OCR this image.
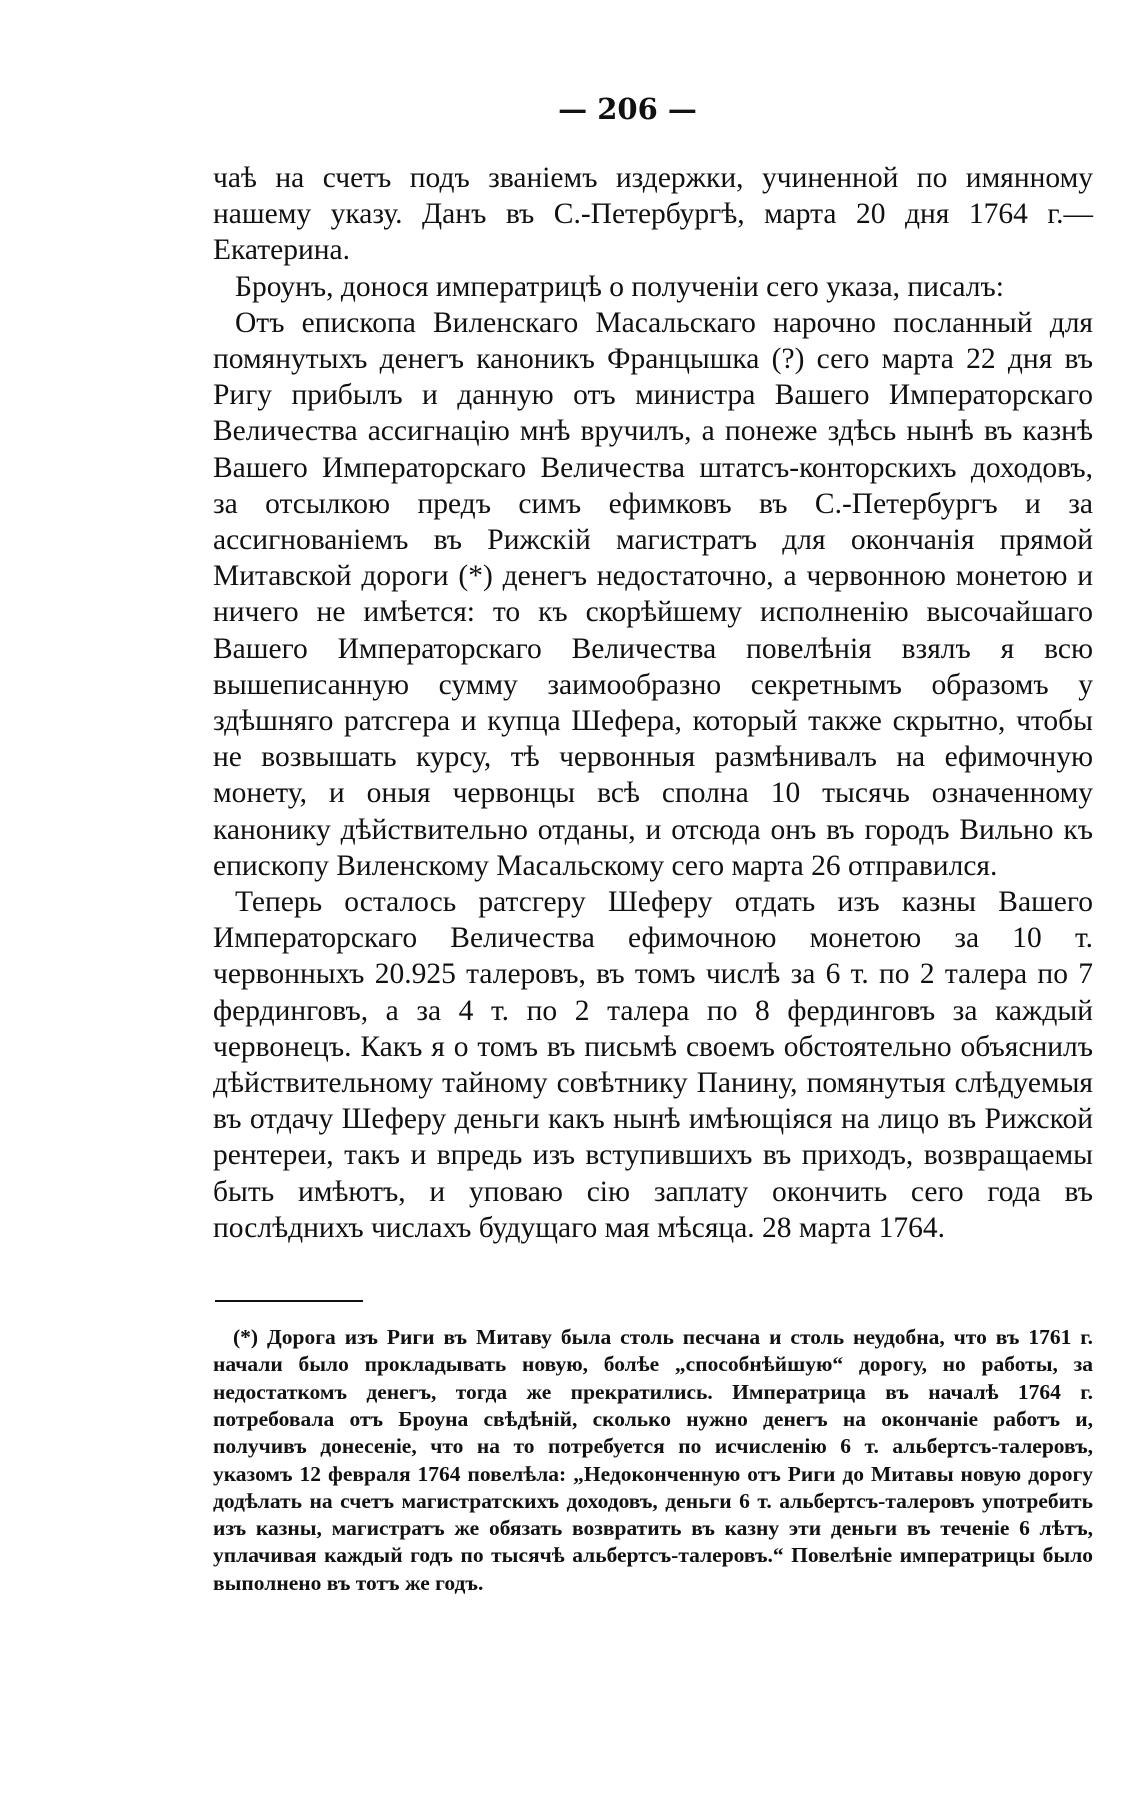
— 206 —

чаѣ на счетъ подъ званіемъ издержки, учиненной по имянному нашему указу. Данъ въ С.-Петербургѣ, марта 20 дня 1764 г.—Екатерина.

Броунъ, донося императрицѣ о полученіи сего указа, писалъ:

Отъ епископа Виленскаго Масальскаго нарочно посланный для помянутыхъ денегъ каноникъ Францышка (?) сего марта 22 дня въ Ригу прибылъ и данную отъ министра Вашего Императорскаго Величества ассигнацію мнѣ вручилъ, а понеже здѣсь нынѣ въ казнѣ Вашего Императорскаго Величества штатсъ-конторскихъ доходовъ, за отсылкою предъ симъ ефимковъ въ С.-Петербургъ и за ассигнованіемъ въ Рижскій магистратъ для окончанія прямой Митавской дороги (*) денегъ недостаточно, а червонною монетою и ничего не имѣется: то къ скорѣйшему исполненію высочайшаго Вашего Императорскаго Величества повелѣнія взялъ я всю вышеписанную сумму заимообразно секретнымъ образомъ у здѣшняго ратсгера и купца Шефера, который также скрытно, чтобы не возвышать курсу, тѣ червонныя размѣнивалъ на ефимочную монету, и оныя червонцы всѣ сполна 10 тысячь означенному канонику дѣйствительно отданы, и отсюда онъ въ городъ Вильно къ епископу Виленскому Масальскому сего марта 26 отправился.

Теперь осталось ратсгеру Шеферу отдать изъ казны Вашего Императорскаго Величества ефимочною монетою за 10 т. червонныхъ 20.925 талеровъ, въ томъ числѣ за 6 т. по 2 талера по 7 фердинговъ, а за 4 т. по 2 талера по 8 фердинговъ за каждый червонецъ. Какъ я о томъ въ письмѣ своемъ обстоятельно объяснилъ дѣйствительному тайному совѣтнику Панину, помянутыя слѣдуемыя въ отдачу Шеферу деньги какъ нынѣ имѣющіяся на лицо въ Рижской рентереи, такъ и впредь изъ вступившихъ въ приходъ, возвращаемы быть имѣютъ, и уповаю сію заплату окончить сего года въ послѣднихъ числахъ будущаго мая мѣсяца. 28 марта 1764.

(*) Дорога изъ Риги въ Митаву была столь песчана и столь неудобна, что въ 1761 г. начали было прокладывать новую, болѣе „способнѣйшую“ дорогу, но работы, за недостаткомъ денегъ, тогда же прекратились. Императрица въ началѣ 1764 г. потребовала отъ Броуна свѣдѣній, сколько нужно денегъ на окончаніе работъ и, получивъ донесеніе, что на то потребуется по исчисленію 6 т. альбертсъ-талеровъ, указомъ 12 февраля 1764 повелѣла: „Недоконченную отъ Риги до Митавы новую дорогу додѣлать на счетъ магистратскихъ доходовъ, деньги 6 т. альбертсъ-талеровъ употребить изъ казны, магистратъ же обязать возвратить въ казну эти деньги въ теченіе 6 лѣтъ, уплачивая каждый годъ по тысячѣ альбертсъ-талеровъ.“ Повелѣніе императрицы было выполнено въ тотъ же годъ.
